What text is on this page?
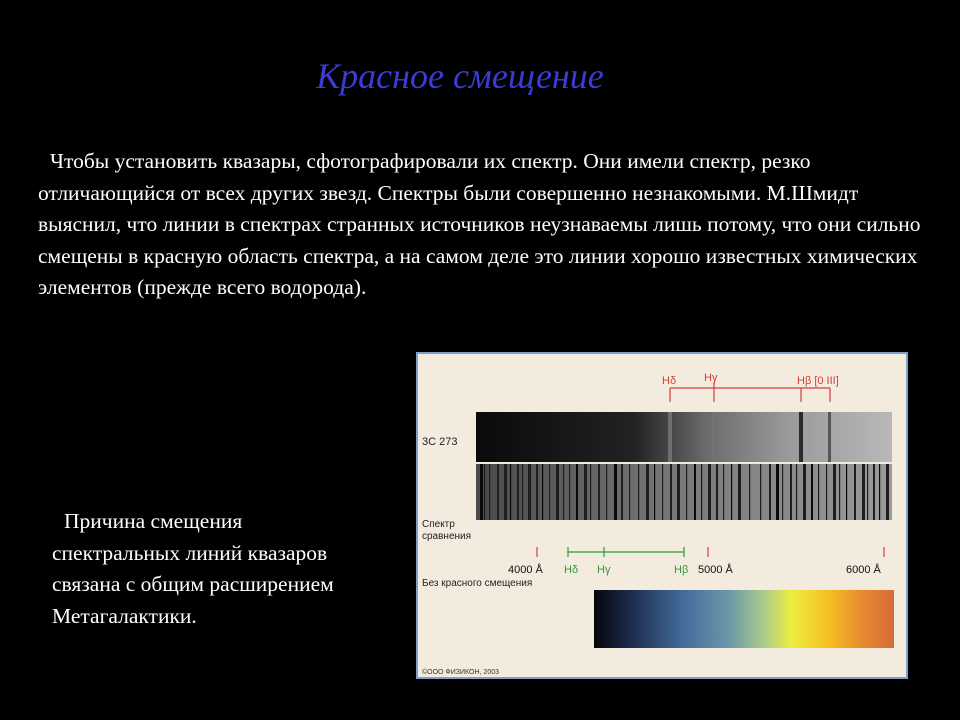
Красное смещение
Чтобы установить квазары, сфотографировали их спектр. Они имели спектр, резко отличающийся от всех других звезд. Спектры были совершенно незнакомыми. М.Шмидт выяснил, что линии в спектрах странных источников неузнаваемы лишь потому, что они сильно смещены в красную область спектра, а на самом деле это линии хорошо известных химических элементов (прежде всего водорода).
Причина смещения спектральных линий квазаров связана с общим расширением Метагалактики.
Hδ	Hγ	Hβ [0 III]
3C 273
Спектр
сравнения
4000 Å Hδ Hγ	Hβ 5000 Å	6000 Å
Без красного смещения
©ООО ФИЗИКОН, 2003
